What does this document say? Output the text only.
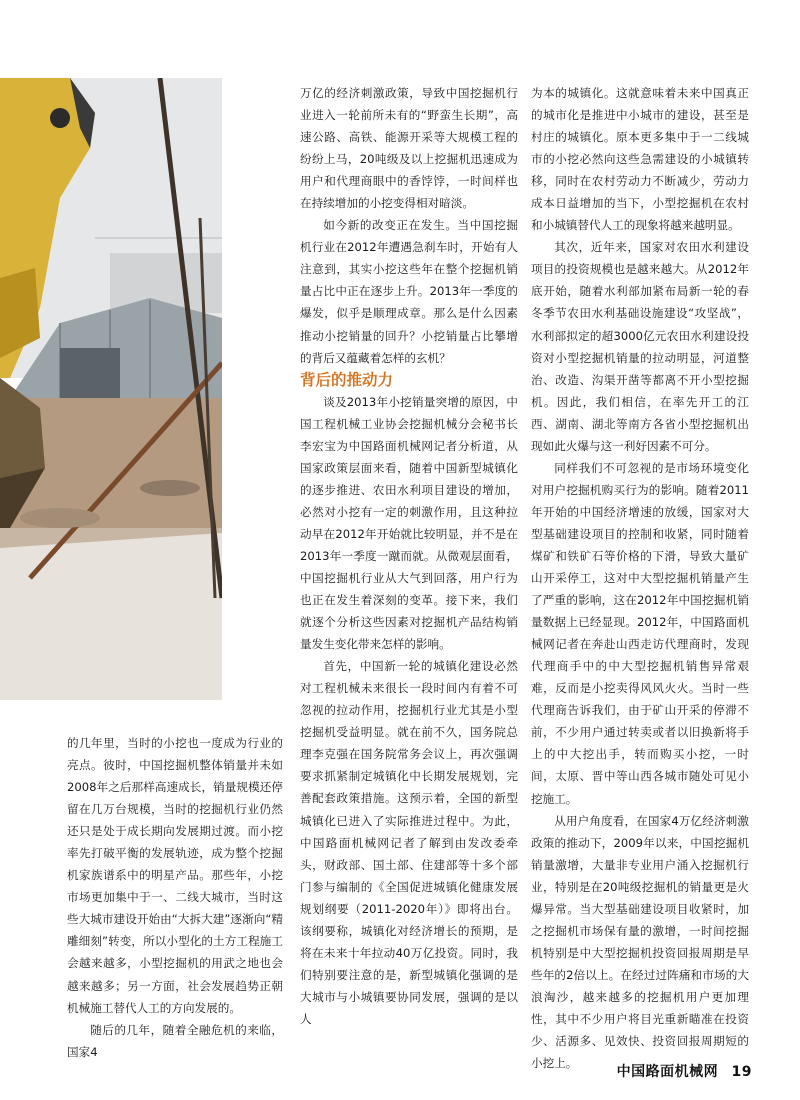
的几年里，当时的小挖也一度成为行业的亮点。彼时，中国挖掘机整体销量并未如2008年之后那样高速成长，销量规模还停留在几万台规模，当时的挖掘机行业仍然还只是处于成长期向发展期过渡。而小挖率先打破平衡的发展轨迹，成为整个挖掘机家族谱系中的明星产品。那些年，小挖市场更加集中于一、二线大城市，当时这些大城市建设开始由“大拆大建”逐渐向“精雕细刻”转变，所以小型化的土方工程施工会越来越多，小型挖掘机的用武之地也会越来越多；另一方面，社会发展趋势正朝机械施工替代人工的方向发展的。

随后的几年，随着全融危机的来临，国家4

万亿的经济刺激政策，导致中国挖掘机行业进入一轮前所未有的“野蛮生长期”，高速公路、高铁、能源开采等大规模工程的纷纷上马，20吨级及以上挖掘机迅速成为用户和代理商眼中的香饽饽，一时间样也在持续增加的小挖变得相对暗淡。

如今新的改变正在发生。当中国挖掘机行业在2012年遭遇急刹车时，开始有人注意到，其实小挖这些年在整个挖掘机销量占比中正在逐步上升。2013年一季度的爆发，似乎是顺理成章。那么是什么因素推动小挖销量的回升？小挖销量占比攀增的背后又蕴藏着怎样的玄机？

背后的推动力

谈及2013年小挖销量突增的原因，中国工程机械工业协会挖掘机械分会秘书长李宏宝为中国路面机械网记者分析道，从国家政策层面来看，随着中国新型城镇化的逐步推进、农田水利项目建设的增加，必然对小挖有一定的刺激作用，且这种拉动早在2012年开始就比较明显，并不是在2013年一季度一蹴而就。从微观层面看，中国挖掘机行业从大气到回落，用户行为也正在发生着深刻的变革。接下来，我们就逐个分析这些因素对挖掘机产品结构销量发生变化带来怎样的影响。

首先，中国新一轮的城镇化建设必然对工程机械未来很长一段时间内有着不可忽视的拉动作用，挖掘机行业尤其是小型挖掘机受益明显。就在前不久，国务院总理李克强在国务院常务会议上，再次强调要求抓紧制定城镇化中长期发展规划，完善配套政策措施。这预示着，全国的新型城镇化已进入了实际推进过程中。为此，中国路面机械网记者了解到由发改委牵头，财政部、国土部、住建部等十多个部门参与编制的《全国促进城镇化健康发展规划纲要（2011-2020年）》即将出台。该纲要称，城镇化对经济增长的预期，是将在未来十年拉动40万亿投资。同时，我们特别要注意的是，新型城镇化强调的是大城市与小城镇要协同发展，强调的是以人

为本的城镇化。这就意味着未来中国真正的城市化是推进中小城市的建设，甚至是村庄的城镇化。原本更多集中于一二线城市的小挖必然向这些急需建设的小城镇转移，同时在农村劳动力不断减少，劳动力成本日益增加的当下，小型挖掘机在农村和小城镇替代人工的现象将越来越明显。

其次，近年来，国家对农田水利建设项目的投资规模也是越来越大。从2012年底开始，随着水利部加紧布局新一轮的春冬季节农田水利基础设施建设“攻坚战”，水利部拟定的超3000亿元农田水利建设投资对小型挖掘机销量的拉动明显，河道整治、改造、沟渠开凿等都离不开小型挖掘机。因此，我们相信，在率先开工的江西、湖南、湖北等南方各省小型挖掘机出现如此火爆与这一利好因素不可分。

同样我们不可忽视的是市场环境变化对用户挖掘机购买行为的影响。随着2011年开始的中国经济增速的放缓，国家对大型基础建设项目的控制和收紧，同时随着煤矿和铁矿石等价格的下滑，导致大量矿山开采停工，这对中大型挖掘机销量产生了严重的影响，这在2012年中国挖掘机销量数据上已经显现。2012年，中国路面机械网记者在奔赴山西走访代理商时，发现代理商手中的中大型挖掘机销售异常艰难，反而是小挖卖得风风火火。当时一些代理商告诉我们，由于矿山开采的停滞不前，不少用户通过转卖或者以旧换新将手上的中大挖出手，转而购买小挖，一时间，太原、晋中等山西各城市随处可见小挖施工。

从用户角度看，在国家4万亿经济刺激政策的推动下，2009年以来，中国挖掘机销量激增，大量非专业用户涌入挖掘机行业，特别是在20吨级挖掘机的销量更是火爆异常。当大型基础建设项目收紧时，加之挖掘机市场保有量的激增，一时间挖掘机特别是中大型挖掘机投资回报周期是早些年的2倍以上。在经过过阵痛和市场的大浪淘沙，越来越多的挖掘机用户更加理性，其中不少用户将目光重新瞄准在投资少、活源多、见效快、投资回报周期短的小挖上。

中国路面机械网 19
